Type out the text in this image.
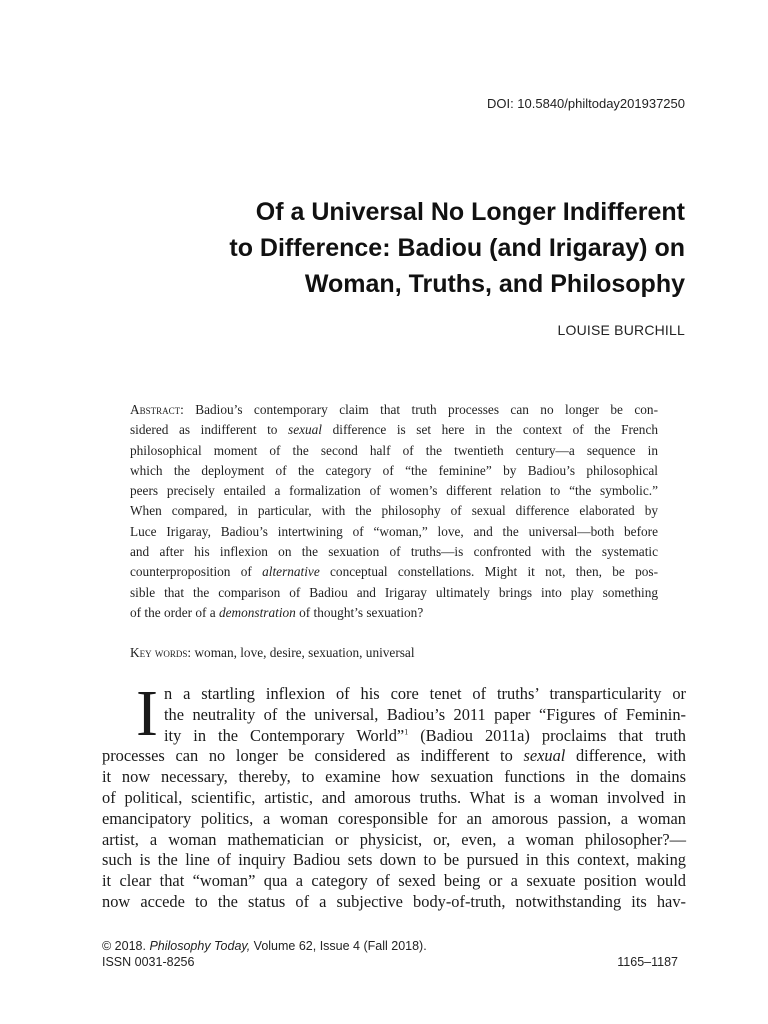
DOI: 10.5840/philtoday201937250
Of a Universal No Longer Indifferent
to Difference: Badiou (and Irigaray) on
Woman, Truths, and Philosophy
LOUISE BURCHILL
Abstract: Badiou’s contemporary claim that truth processes can no longer be con-
sidered as indifferent to sexual difference is set here in the context of the French
philosophical moment of the second half of the twentieth century—a sequence in
which the deployment of the category of “the feminine” by Badiou’s philosophical
peers precisely entailed a formalization of women’s different relation to “the symbolic.”
When compared, in particular, with the philosophy of sexual difference elaborated by
Luce Irigaray, Badiou’s intertwining of “woman,” love, and the universal—both before
and after his inflexion on the sexuation of truths—is confronted with the systematic
counterproposition of alternative conceptual constellations. Might it not, then, be pos-
sible that the comparison of Badiou and Irigaray ultimately brings into play something
of the order of a demonstration of thought’s sexuation?
Key words: woman, love, desire, sexuation, universal
I n a startling inflexion of his core tenet of truths’ transparticularity or
the neutrality of the universal, Badiou’s 2011 paper “Figures of Feminin-
ity in the Contemporary World”$^1$ (Badiou 2011a) proclaims that truth
processes can no longer be considered as indifferent to sexual difference, with
it now necessary, thereby, to examine how sexuation functions in the domains
of political, scientific, artistic, and amorous truths. What is a woman involved in
emancipatory politics, a woman coresponsible for an amorous passion, a woman
artist, a woman mathematician or physicist, or, even, a woman philosopher?—
such is the line of inquiry Badiou sets down to be pursued in this context, making
it clear that “woman” qua a category of sexed being or a sexuate position would
now accede to the status of a subjective body-of-truth, notwithstanding its hav-
© 2018. Philosophy Today, Volume 62, Issue 4 (Fall 2018).
ISSN 0031-8256	1165–1187
